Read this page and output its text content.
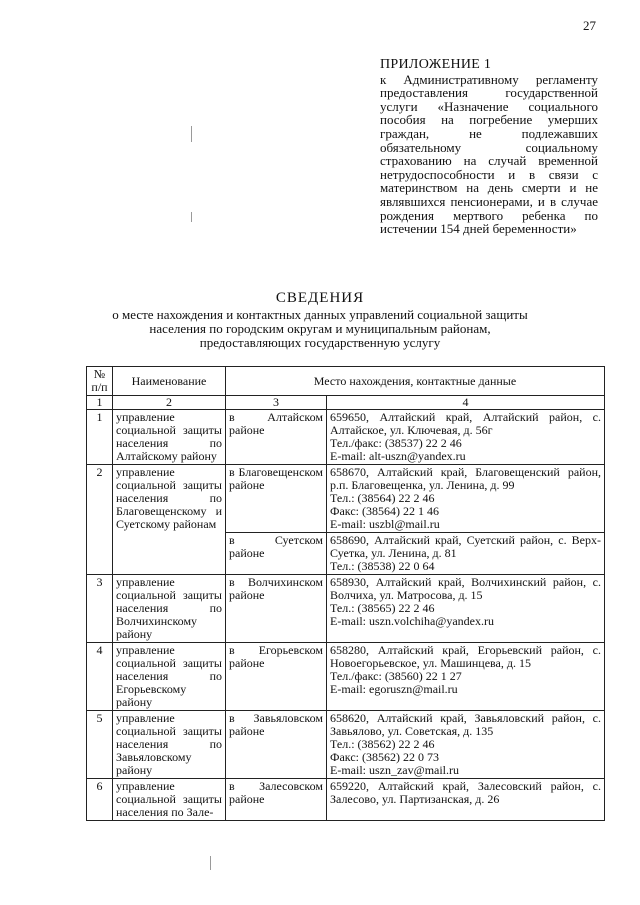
27
ПРИЛОЖЕНИЕ 1
к Административному регламенту предоставления государственной услуги «Назначение социального пособия на погребение умерших граждан, не подлежавших обязательному социальному страхованию на случай временной нетрудоспособности и в связи с материнством на день смерти и не являвшихся пенсионерами, и в случае рождения мертвого ребенка по истечении 154 дней беременности»
СВЕДЕНИЯ
о месте нахождения и контактных данных управлений социальной защиты населения по городским округам и муниципальным районам, предоставляющих государственную услугу
№ п/п	Наименование	Место нахождения, контактные данные	
1	2	3	4
1	управление социальной защиты населения по Алтайскому району	в Алтайском районе	659650, Алтайский край, Алтайский район, с. Алтайское, ул. Ключевая, д. 56г
Тел./факс: (38537) 22 2 46
E-mail: alt-uszn@yandex.ru

2	управление социальной защиты населения по Благовещенскому и Суетскому районам	в Благовещенском районе	658670, Алтайский край, Благовещенский район, р.п. Благовещенка, ул. Ленина, д. 99
Тел.: (38564) 22 2 46
Факс: (38564) 22 1 46
E-mail: uszbl@mail.ru

		в Суетском районе	658690, Алтайский край, Суетский район, с. Верх-Суетка, ул. Ленина, д. 81
Тел.: (38538) 22 0 64

3	управление социальной защиты населения по Волчихинскому району	в Волчихинском районе	658930, Алтайский край, Волчихинский район, с. Волчиха, ул. Матросова, д. 15
Тел.: (38565) 22 2 46
E-mail: uszn.volchiha@yandex.ru

4	управление социальной защиты населения по Егорьевскому району	в Егорьевском районе	658280, Алтайский край, Егорьевский район, с. Новоегорьевское, ул. Машинцева, д. 15
Тел./факс: (38560) 22 1 27
E-mail: egoruszn@mail.ru

5	управление социальной защиты населения по Завьяловскому району	в Завьяловском районе	658620, Алтайский край, Завьяловский район, с. Завьялово, ул. Советская, д. 135
Тел.: (38562) 22 2 46
Факс: (38562) 22 0 73
E-mail: uszn_zav@mail.ru

6	управление социальной защиты населения по Зале-	в Залесовском районе	659220, Алтайский край, Залесовский район, с. Залесово, ул. Партизанская, д. 26
